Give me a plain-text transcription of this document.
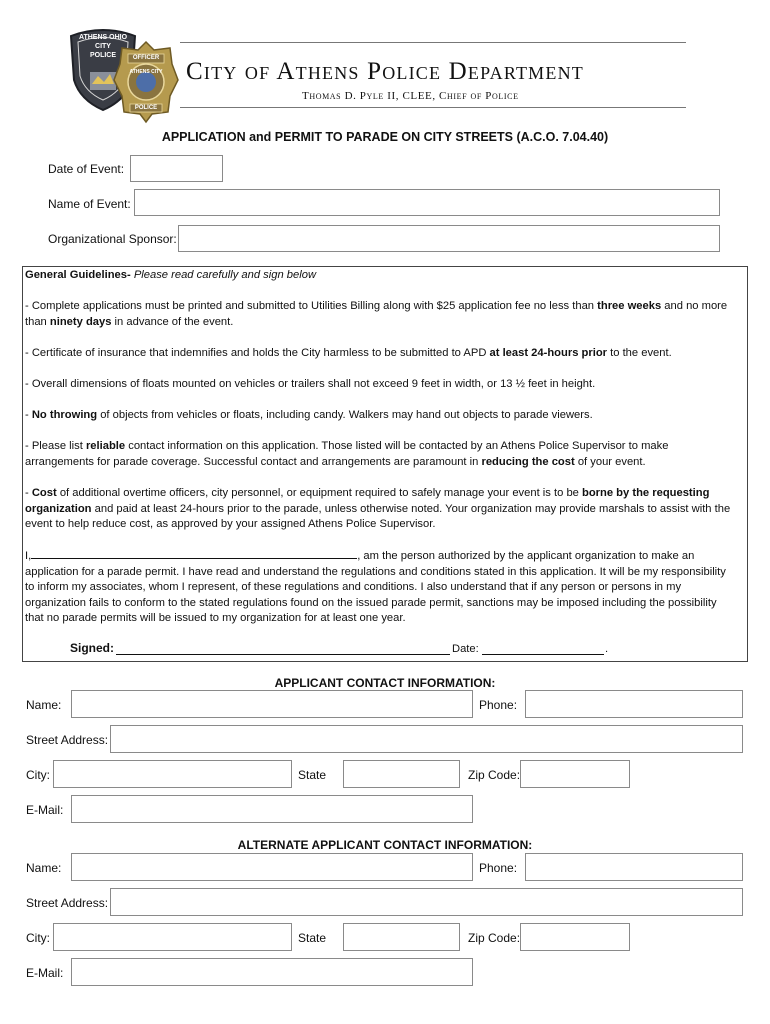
ATHENS OHIO
CITY
POLICE	OFFICER
ATHENS CITY
POLICE
City of Athens Police Department
Thomas D. Pyle II, CLEE, Chief of Police
APPLICATION and PERMIT TO PARADE ON CITY STREETS (A.C.O. 7.04.40)
Date of Event:
Name of Event:
Organizational Sponsor:
General Guidelines- Please read carefully and sign below
- Complete applications must be printed and submitted to Utilities Billing along with $25 application fee no less than three weeks and no more than ninety days in advance of the event.
- Certificate of insurance that indemnifies and holds the City harmless to be submitted to APD at least 24-hours prior to the event.
- Overall dimensions of floats mounted on vehicles or trailers shall not exceed 9 feet in width, or 13 ½ feet in height.
- No throwing of objects from vehicles or floats, including candy. Walkers may hand out objects to parade viewers.
- Please list reliable contact information on this application. Those listed will be contacted by an Athens Police Supervisor to make arrangements for parade coverage. Successful contact and arrangements are paramount in reducing the cost of your event.
- Cost of additional overtime officers, city personnel, or equipment required to safely manage your event is to be borne by the requesting organization and paid at least 24-hours prior to the parade, unless otherwise noted. Your organization may provide marshals to assist with the event to help reduce cost, as approved by your assigned Athens Police Supervisor.
I,	, am the person authorized by the applicant organization to make an application for a parade permit. I have read and understand the regulations and conditions stated in this application. It will be my responsibility to inform my associates, whom I represent, of these regulations and conditions. I also understand that if any person or persons in my organization fails to conform to the stated regulations found on the issued parade permit, sanctions may be imposed including the possibility that no parade permits will be issued to my organization for at least one year.
Signed:	Date:	.
APPLICANT CONTACT INFORMATION:
Name:	Phone:
Street Address:
City:	State	Zip Code:
E-Mail:
ALTERNATE APPLICANT CONTACT INFORMATION:
Name:	Phone:
Street Address:
City:	State	Zip Code:
E-Mail:
